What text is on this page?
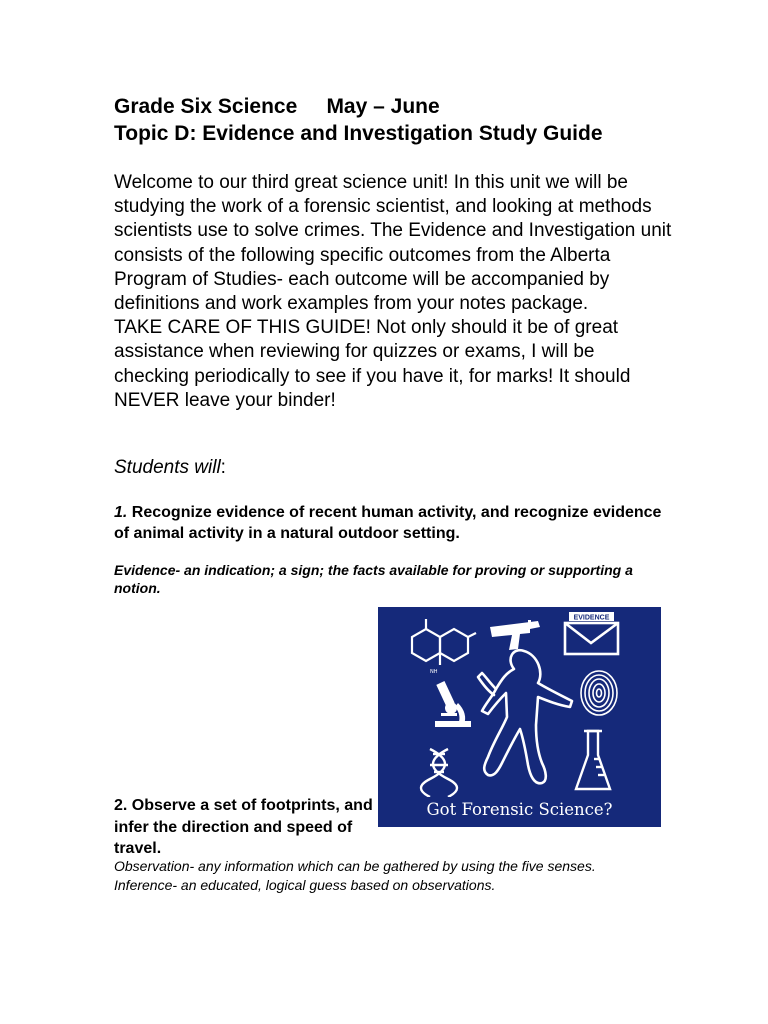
Grade Six Science     May – June
Topic D: Evidence and Investigation Study Guide

Welcome to our third great science unit! In this unit we will be studying the work of a forensic scientist, and looking at methods scientists use to solve crimes. The Evidence and Investigation unit consists of the following specific outcomes from the Alberta Program of Studies- each outcome will be accompanied by definitions and work examples from your notes package.

TAKE CARE OF THIS GUIDE! Not only should it be of great assistance when reviewing for quizzes or exams, I will be checking periodically to see if you have it, for marks! It should NEVER leave your binder!

Students will:

1. Recognize evidence of recent human activity, and recognize evidence of animal activity in a natural outdoor setting.

Evidence- an indication; a sign; the facts available for proving or supporting a notion.

NH
EVIDENCE

Got Forensic Science?

2. Observe a set of footprints, and infer the direction and speed of travel.

Observation- any information which can be gathered by using the five senses.
Inference- an educated, logical guess based on observations.
